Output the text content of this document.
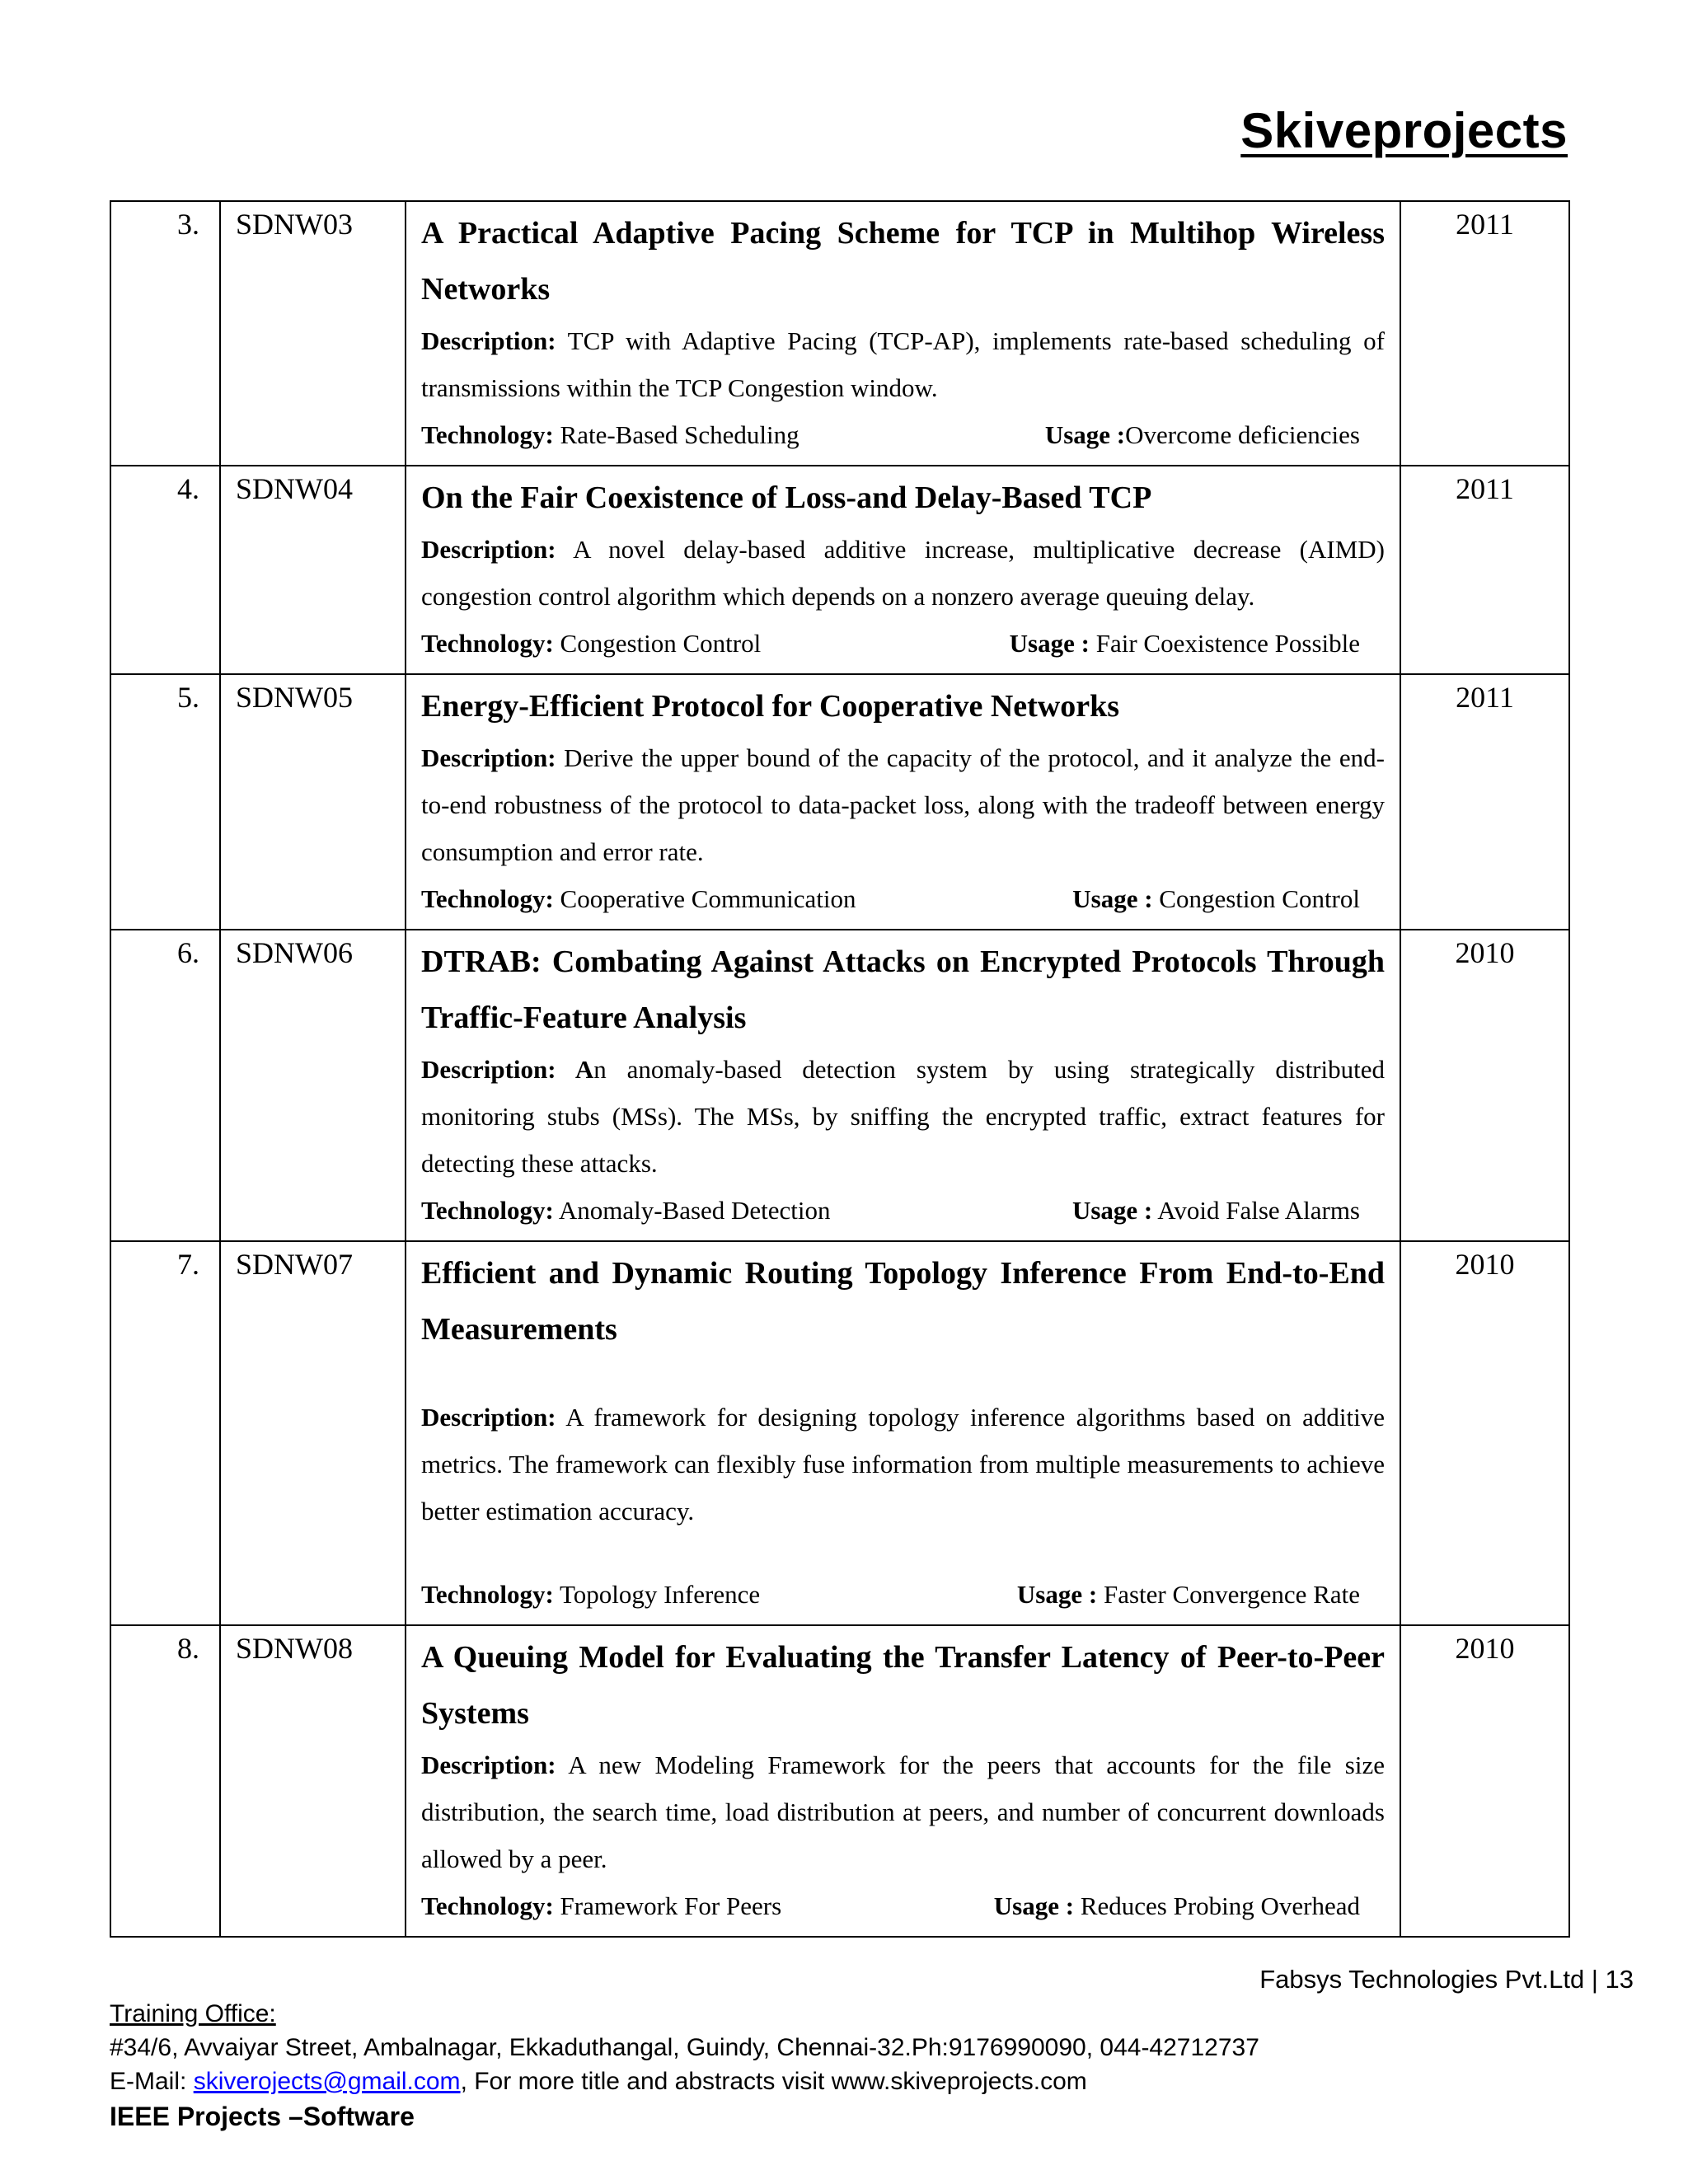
Skiveprojects
3.	SDNW03	A Practical Adaptive Pacing Scheme for TCP in Multihop Wireless Networks

Description: TCP with Adaptive Pacing (TCP-AP), implements rate-based scheduling of transmissions within the TCP Congestion window.

Technology: Rate-Based Scheduling Usage :Overcome deficiencies	2011
4.	SDNW04	On the Fair Coexistence of Loss-and Delay-Based TCP

Description: A novel delay-based additive increase, multiplicative decrease (AIMD) congestion control algorithm which depends on a nonzero average queuing delay.

Technology: Congestion Control Usage : Fair Coexistence Possible	2011
5.	SDNW05	Energy-Efficient Protocol for Cooperative Networks

Description: Derive the upper bound of the capacity of the protocol, and it analyze the end-to-end robustness of the protocol to data-packet loss, along with the tradeoff between energy consumption and error rate.

Technology: Cooperative Communication Usage : Congestion Control	2011
6.	SDNW06	DTRAB: Combating Against Attacks on Encrypted Protocols Through Traffic-Feature Analysis

Description: An anomaly-based detection system by using strategically distributed monitoring stubs (MSs). The MSs, by sniffing the encrypted traffic, extract features for detecting these attacks.

Technology: Anomaly-Based Detection Usage : Avoid False Alarms	2010
7.	SDNW07	Efficient and Dynamic Routing Topology Inference From End-to-End Measurements

Description: A framework for designing topology inference algorithms based on additive metrics. The framework can flexibly fuse information from multiple measurements to achieve better estimation accuracy.

Technology: Topology Inference Usage : Faster Convergence Rate	2010
8.	SDNW08	A Queuing Model for Evaluating the Transfer Latency of Peer-to-Peer Systems

Description: A new Modeling Framework for the peers that accounts for the file size distribution, the search time, load distribution at peers, and number of concurrent downloads allowed by a peer.

Technology: Framework For Peers Usage : Reduces Probing Overhead	2010
Fabsys Technologies Pvt.Ltd | 13
Training Office:
#34/6, Avvaiyar Street, Ambalnagar, Ekkaduthangal, Guindy, Chennai-32.Ph:9176990090, 044-42712737
E-Mail: skiverojects@gmail.com, For more title and abstracts visit www.skiveprojects.com
IEEE Projects –Software
